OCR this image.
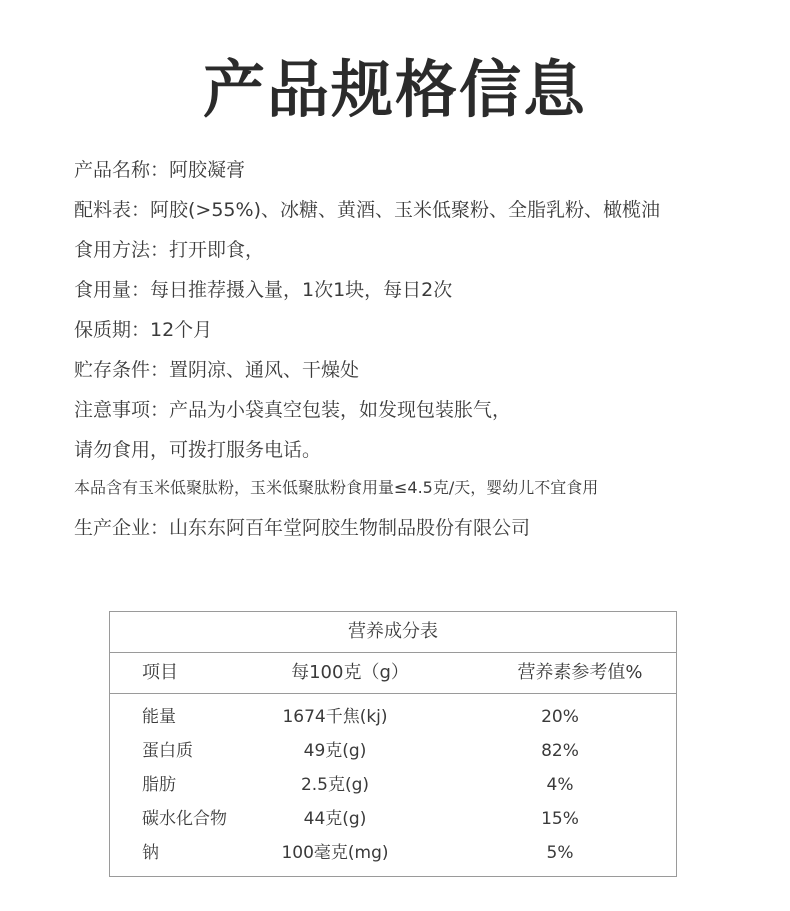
产品规格信息
产品名称：阿胶凝膏
配料表：阿胶(>55%)、冰糖、黄酒、玉米低聚粉、全脂乳粉、橄榄油
食用方法：打开即食，
食用量：每日推荐摄入量，1次1块，每日2次
保质期：12个月
贮存条件：置阴凉、通风、干燥处
注意事项：产品为小袋真空包装，如发现包装胀气，
请勿食用，可拨打服务电话。
本品含有玉米低聚肽粉，玉米低聚肽粉食用量≤4.5克/天，婴幼儿不宜食用
生产企业：山东东阿百年堂阿胶生物制品股份有限公司
营养成分表
项目	每100克（g）	营养素参考值%
能量	1674千焦(kj)	20%
蛋白质	49克(g)	82%
脂肪	2.5克(g)	4%
碳水化合物	44克(g)	15%
钠	100毫克(mg)	5%
